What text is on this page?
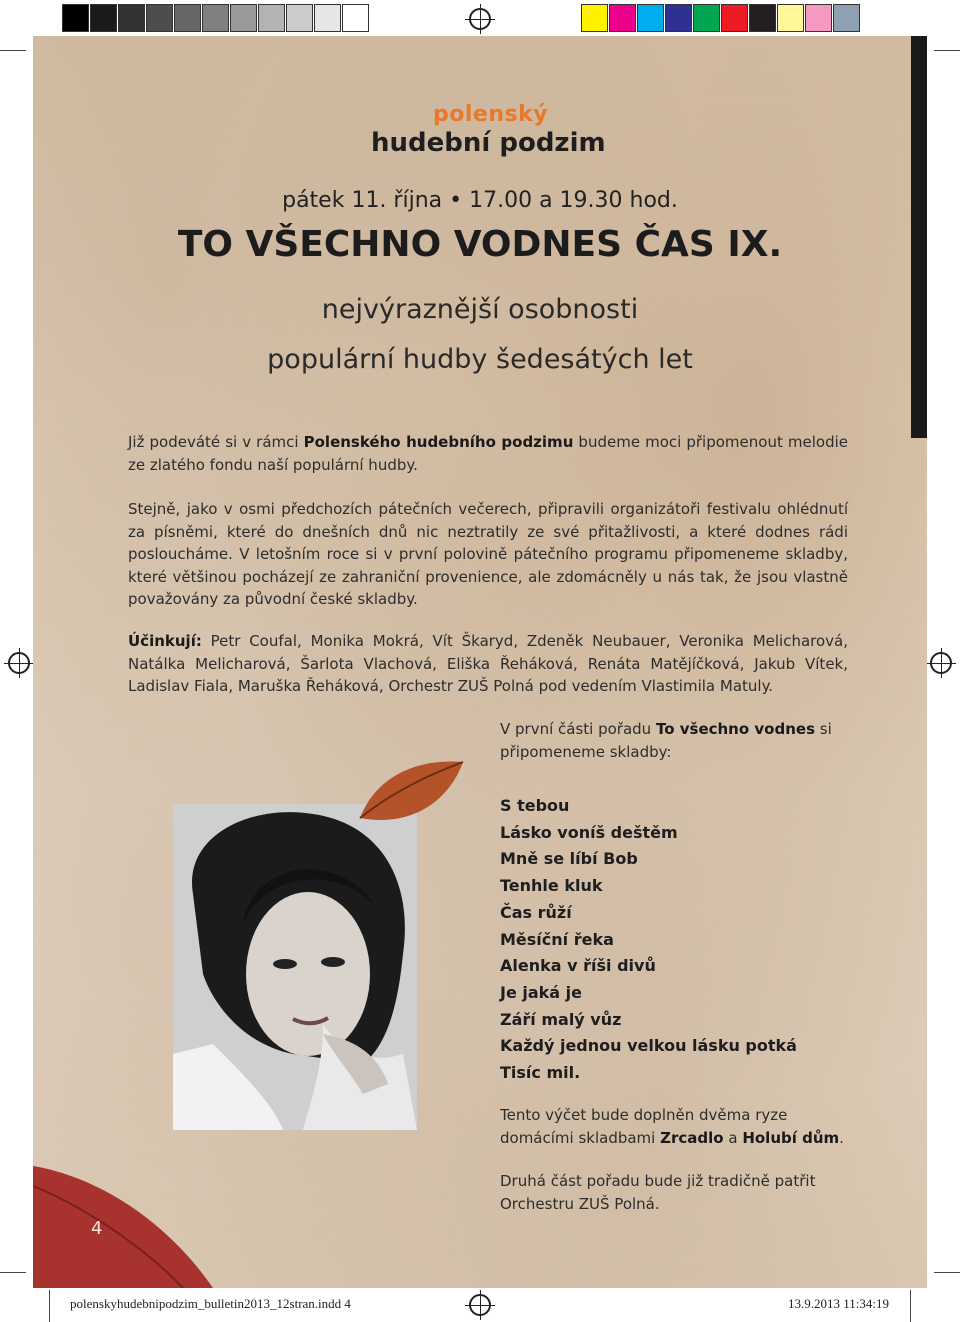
polenský
hudební podzim
pátek 11. října • 17.00 a 19.30 hod.
TO VŠECHNO VODNES ČAS IX.
nejvýraznější osobnosti
populární hudby šedesátých let
Již podeváté si v rámci Polenského hudebního podzimu budeme moci připomenout melodie ze zlatého fondu naší populární hudby.
Stejně, jako v osmi předchozích pátečních večerech, připravili organizátoři festivalu ohlédnutí za písněmi, které do dnešních dnů nic neztratily ze své přitažlivosti, a které dodnes rádi posloucháme. V letošním roce si v první polovině pátečního programu připomeneme skladby, které většinou pocházejí ze zahraniční provenience, ale zdomácněly u nás tak, že jsou vlastně považovány za původní české skladby.
Účinkují: Petr Coufal, Monika Mokrá, Vít Škaryd, Zdeněk Neubauer, Veronika Melicharová, Natálka Melicharová, Šarlota Vlachová, Eliška Řeháková, Renáta Matějíčková, Jakub Vítek, Ladislav Fiala, Maruška Řeháková, Orchestr ZUŠ Polná pod vedením Vlastimila Matuly.
V první části pořadu To všechno vodnes si připomeneme skladby:
S tebou
Lásko voníš deštěm
Mně se líbí Bob
Tenhle kluk
Čas růží
Měsíční řeka
Alenka v říši divů
Je jaká je
Září malý vůz
Každý jednou velkou lásku potká
Tisíc mil.
Tento výčet bude doplněn dvěma ryze domácími skladbami Zrcadlo a Holubí dům.
Druhá část pořadu bude již tradičně patřit Orchestru ZUŠ Polná.
4
polenskyhudebnipodzim_bulletin2013_12stran.indd 4	13.9.2013 11:34:19
